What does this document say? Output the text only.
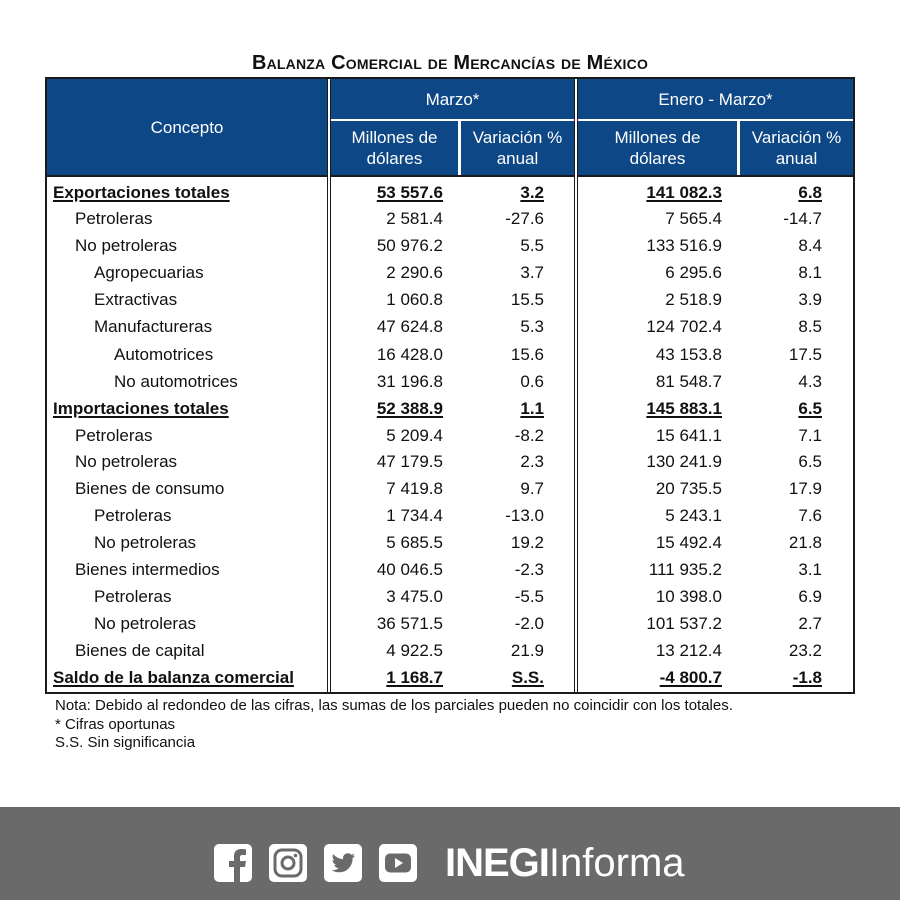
Balanza Comercial de Mercancías de México
Concepto
Marzo*	Enero - Marzo*
Millones de dólares
Variación % anual
Millones de dólares
Variación % anual
Exportaciones totales	53 557.6	3.2	141 082.3	6.8
Petroleras	2 581.4	-27.6	7 565.4	-14.7
No petroleras	50 976.2	5.5	133 516.9	8.4
Agropecuarias	2 290.6	3.7	6 295.6	8.1
Extractivas	1 060.8	15.5	2 518.9	3.9
Manufactureras	47 624.8	5.3	124 702.4	8.5
Automotrices	16 428.0	15.6	43 153.8	17.5
No automotrices	31 196.8	0.6	81 548.7	4.3
Importaciones totales	52 388.9	1.1	145 883.1	6.5
Petroleras	5 209.4	-8.2	15 641.1	7.1
No petroleras	47 179.5	2.3	130 241.9	6.5
Bienes de consumo	7 419.8	9.7	20 735.5	17.9
Petroleras	1 734.4	-13.0	5 243.1	7.6
No petroleras	5 685.5	19.2	15 492.4	21.8
Bienes intermedios	40 046.5	-2.3	111 935.2	3.1
Petroleras	3 475.0	-5.5	10 398.0	6.9
No petroleras	36 571.5	-2.0	101 537.2	2.7
Bienes de capital	4 922.5	21.9	13 212.4	23.2
Saldo de la balanza comercial	1 168.7	S.S.	-4 800.7	-1.8
Nota: Debido al redondeo de las cifras, las sumas de los parciales pueden no coincidir con los totales.
* Cifras oportunas
S.S. Sin significancia
INEGIInforma
